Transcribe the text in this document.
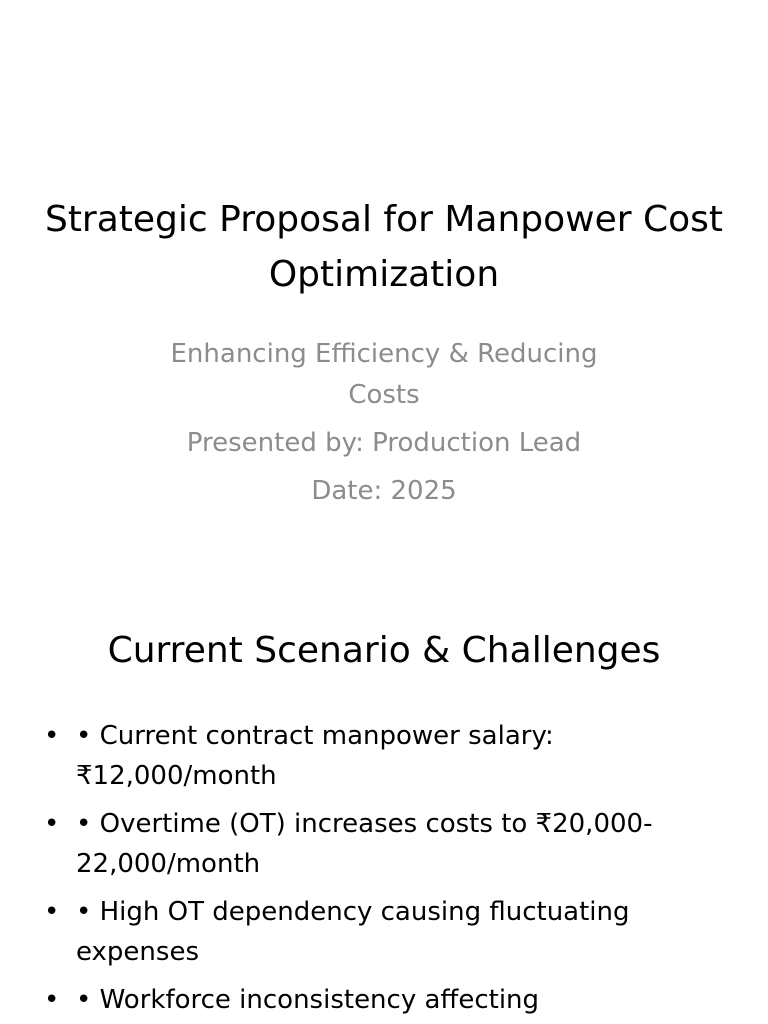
Strategic Proposal for Manpower Cost Optimization
Enhancing Efficiency & Reducing Costs
Presented by: Production Lead
Date: 2025
Current Scenario & Challenges
• • Current contract manpower salary: ₹12,000/month
• • Overtime (OT) increases costs to ₹20,000-22,000/month
• • High OT dependency causing fluctuating expenses
• • Workforce inconsistency affecting
